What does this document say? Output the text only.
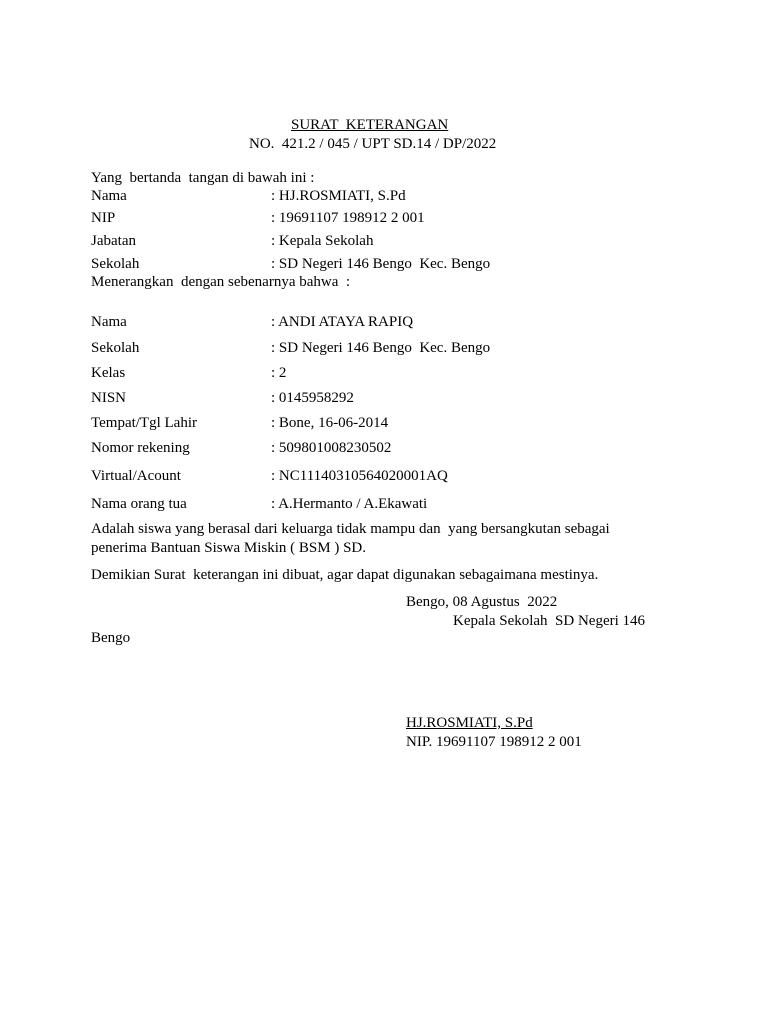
SURAT  KETERANGAN
NO.  421.2 / 045 / UPT SD.14 / DP/2022
Yang  bertanda  tangan di bawah ini :
Nama	: HJ.ROSMIATI, S.Pd
NIP	: 19691107 198912 2 001
Jabatan	: Kepala Sekolah
Sekolah	: SD Negeri 146 Bengo  Kec. Bengo
Menerangkan  dengan sebenarnya bahwa  :
Nama	: ANDI ATAYA RAPIQ
Sekolah	: SD Negeri 146 Bengo  Kec. Bengo
Kelas	: 2
NISN	: 0145958292
Tempat/Tgl Lahir	: Bone, 16-06-2014
Nomor rekening	: 509801008230502
Virtual/Acount	: NC11140310564020001AQ
Nama orang tua	: A.Hermanto / A.Ekawati
Adalah siswa yang berasal dari keluarga tidak mampu dan  yang bersangkutan sebagai
penerima Bantuan Siswa Miskin ( BSM ) SD.
Demikian Surat  keterangan ini dibuat, agar dapat digunakan sebagaimana mestinya.
Bengo, 08 Agustus  2022
Kepala Sekolah  SD Negeri 146
Bengo
HJ.ROSMIATI, S.Pd
NIP. 19691107 198912 2 001
